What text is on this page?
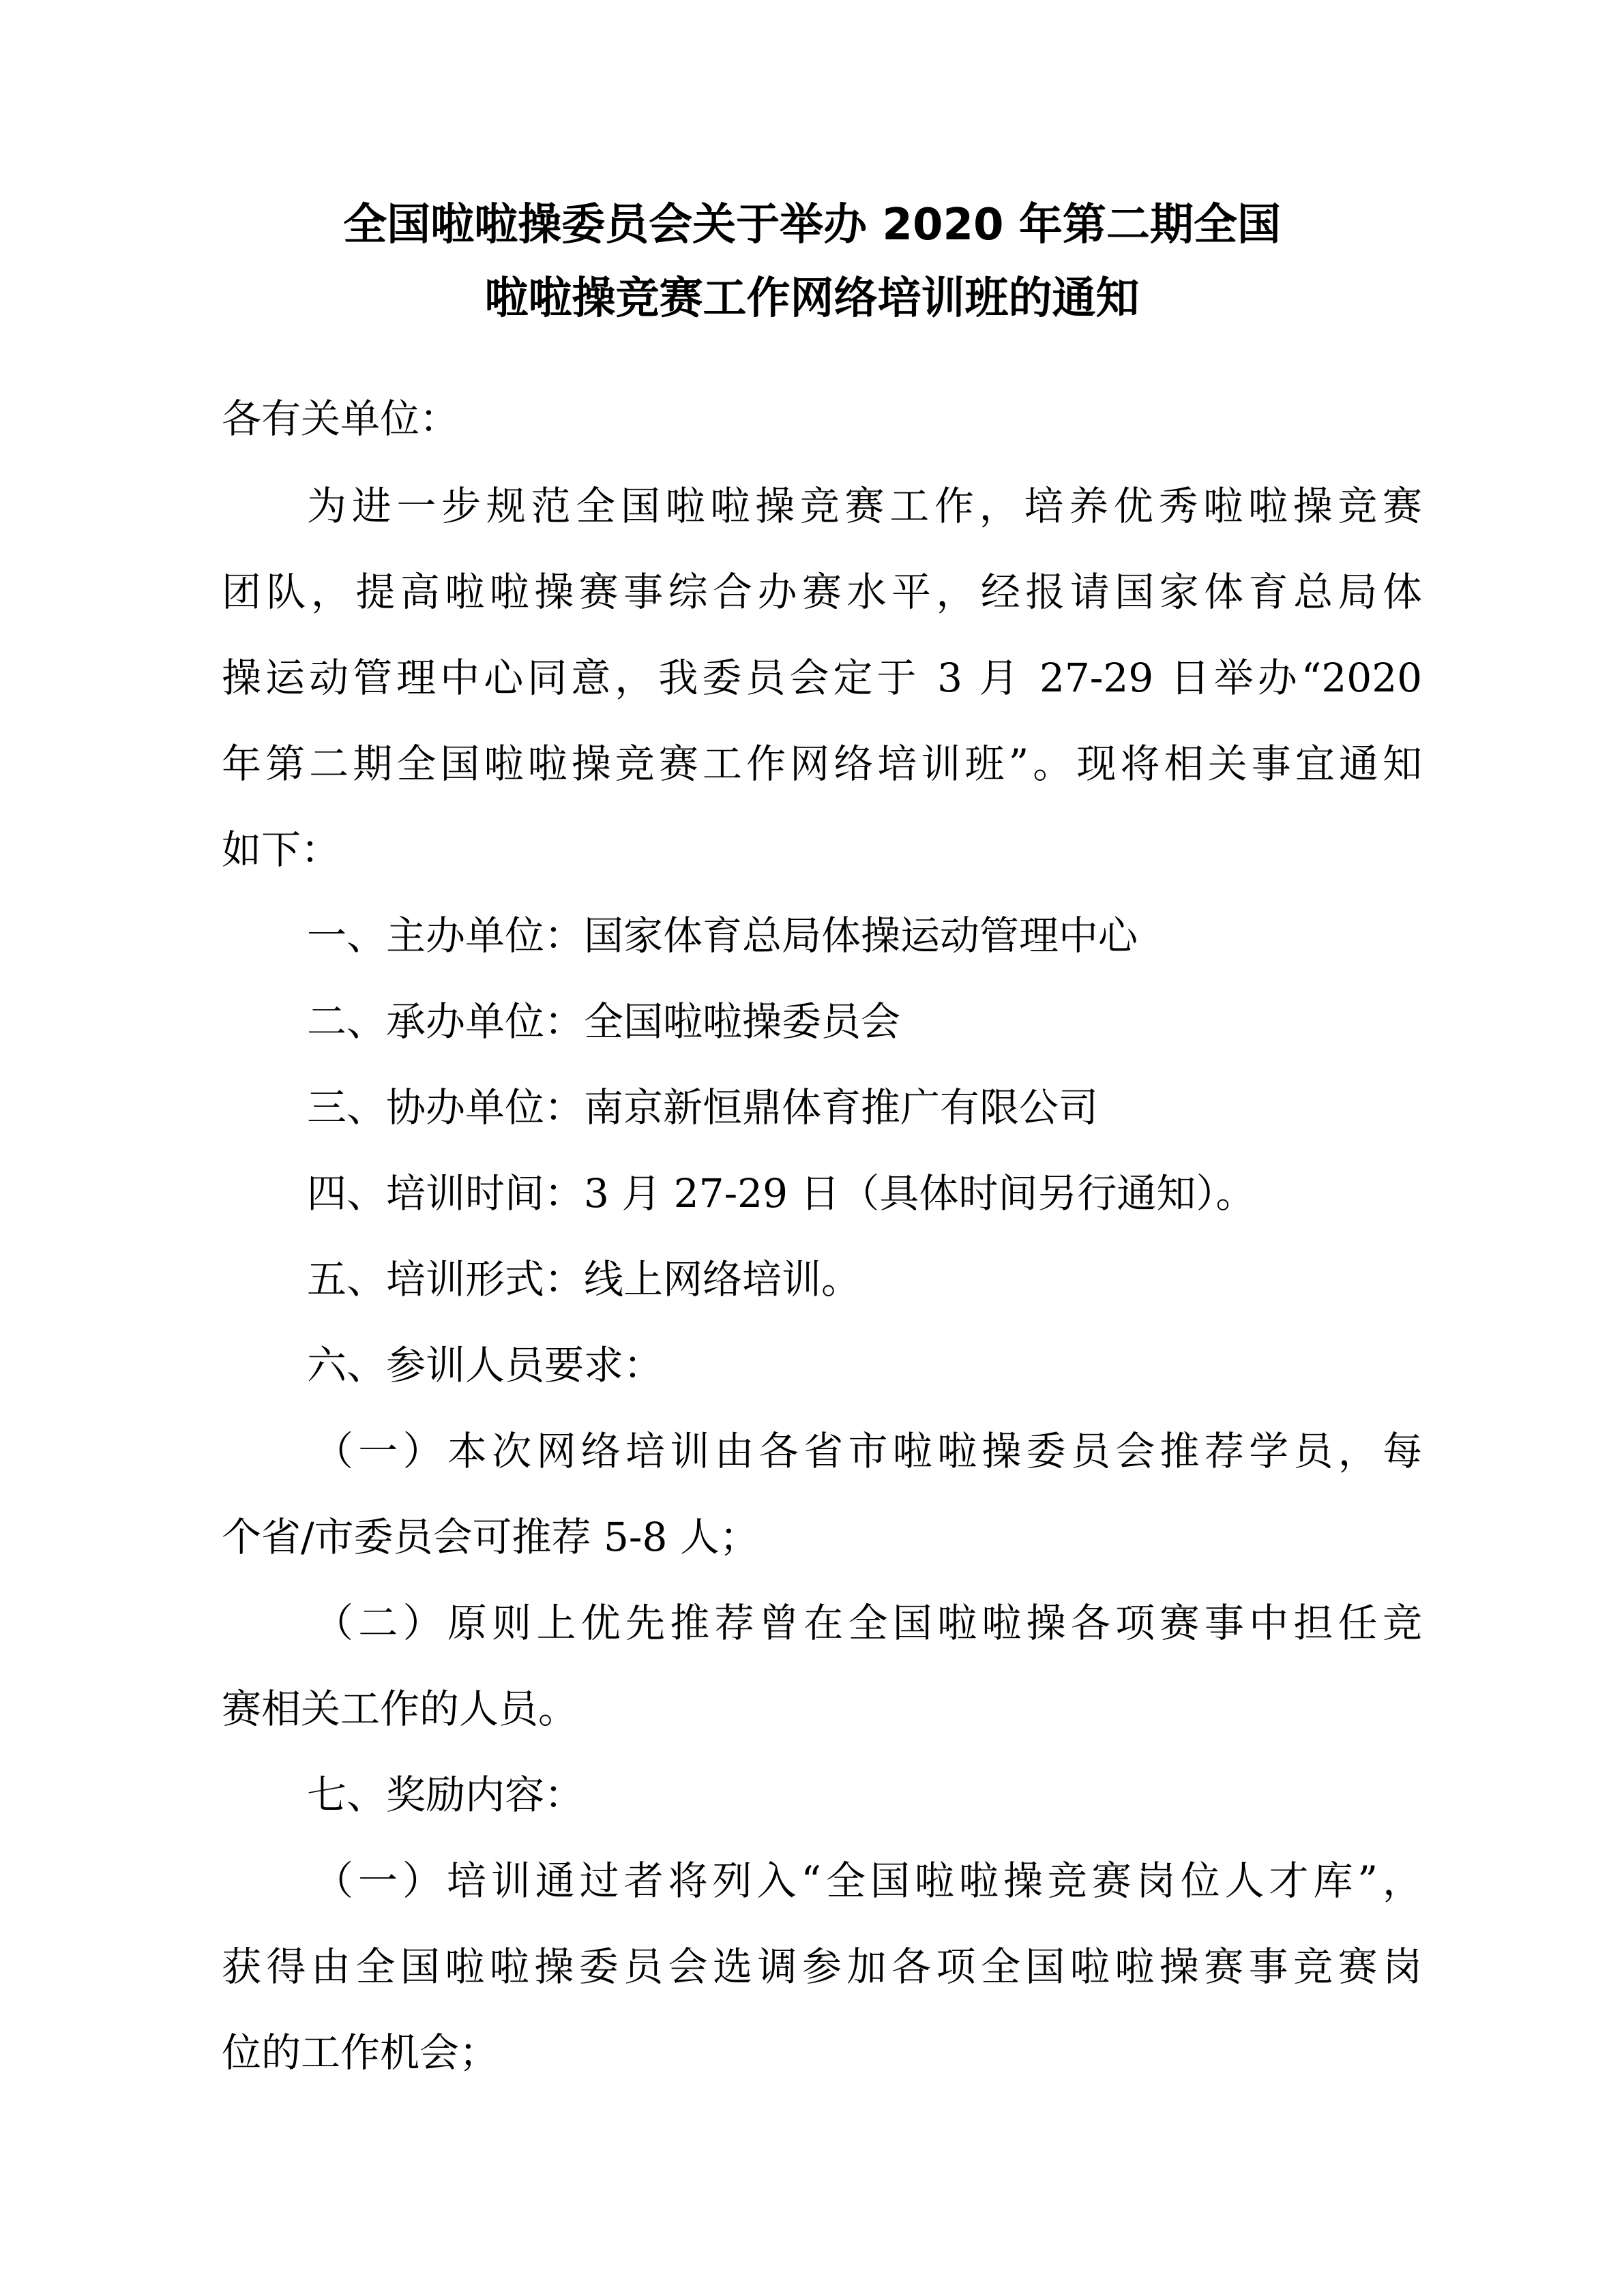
全国啦啦操委员会关于举办 2020 年第二期全国
啦啦操竞赛工作网络培训班的通知

各有关单位：

为进一步规范全国啦啦操竞赛工作，培养优秀啦啦操竞赛

团队，提高啦啦操赛事综合办赛水平，经报请国家体育总局体

操运动管理中心同意，我委员会定于 3 月 27-29 日举办“2020

年第二期全国啦啦操竞赛工作网络培训班”。现将相关事宜通知

如下：

一、主办单位：国家体育总局体操运动管理中心

二、承办单位：全国啦啦操委员会

三、协办单位：南京新恒鼎体育推广有限公司

四、培训时间：3 月 27-29 日（具体时间另行通知）。

五、培训形式：线上网络培训。

六、参训人员要求：

（一）本次网络培训由各省市啦啦操委员会推荐学员，每

个省/市委员会可推荐 5-8 人；

（二）原则上优先推荐曾在全国啦啦操各项赛事中担任竞

赛相关工作的人员。

七、奖励内容：

（一）培训通过者将列入“全国啦啦操竞赛岗位人才库”，

获得由全国啦啦操委员会选调参加各项全国啦啦操赛事竞赛岗

位的工作机会；
